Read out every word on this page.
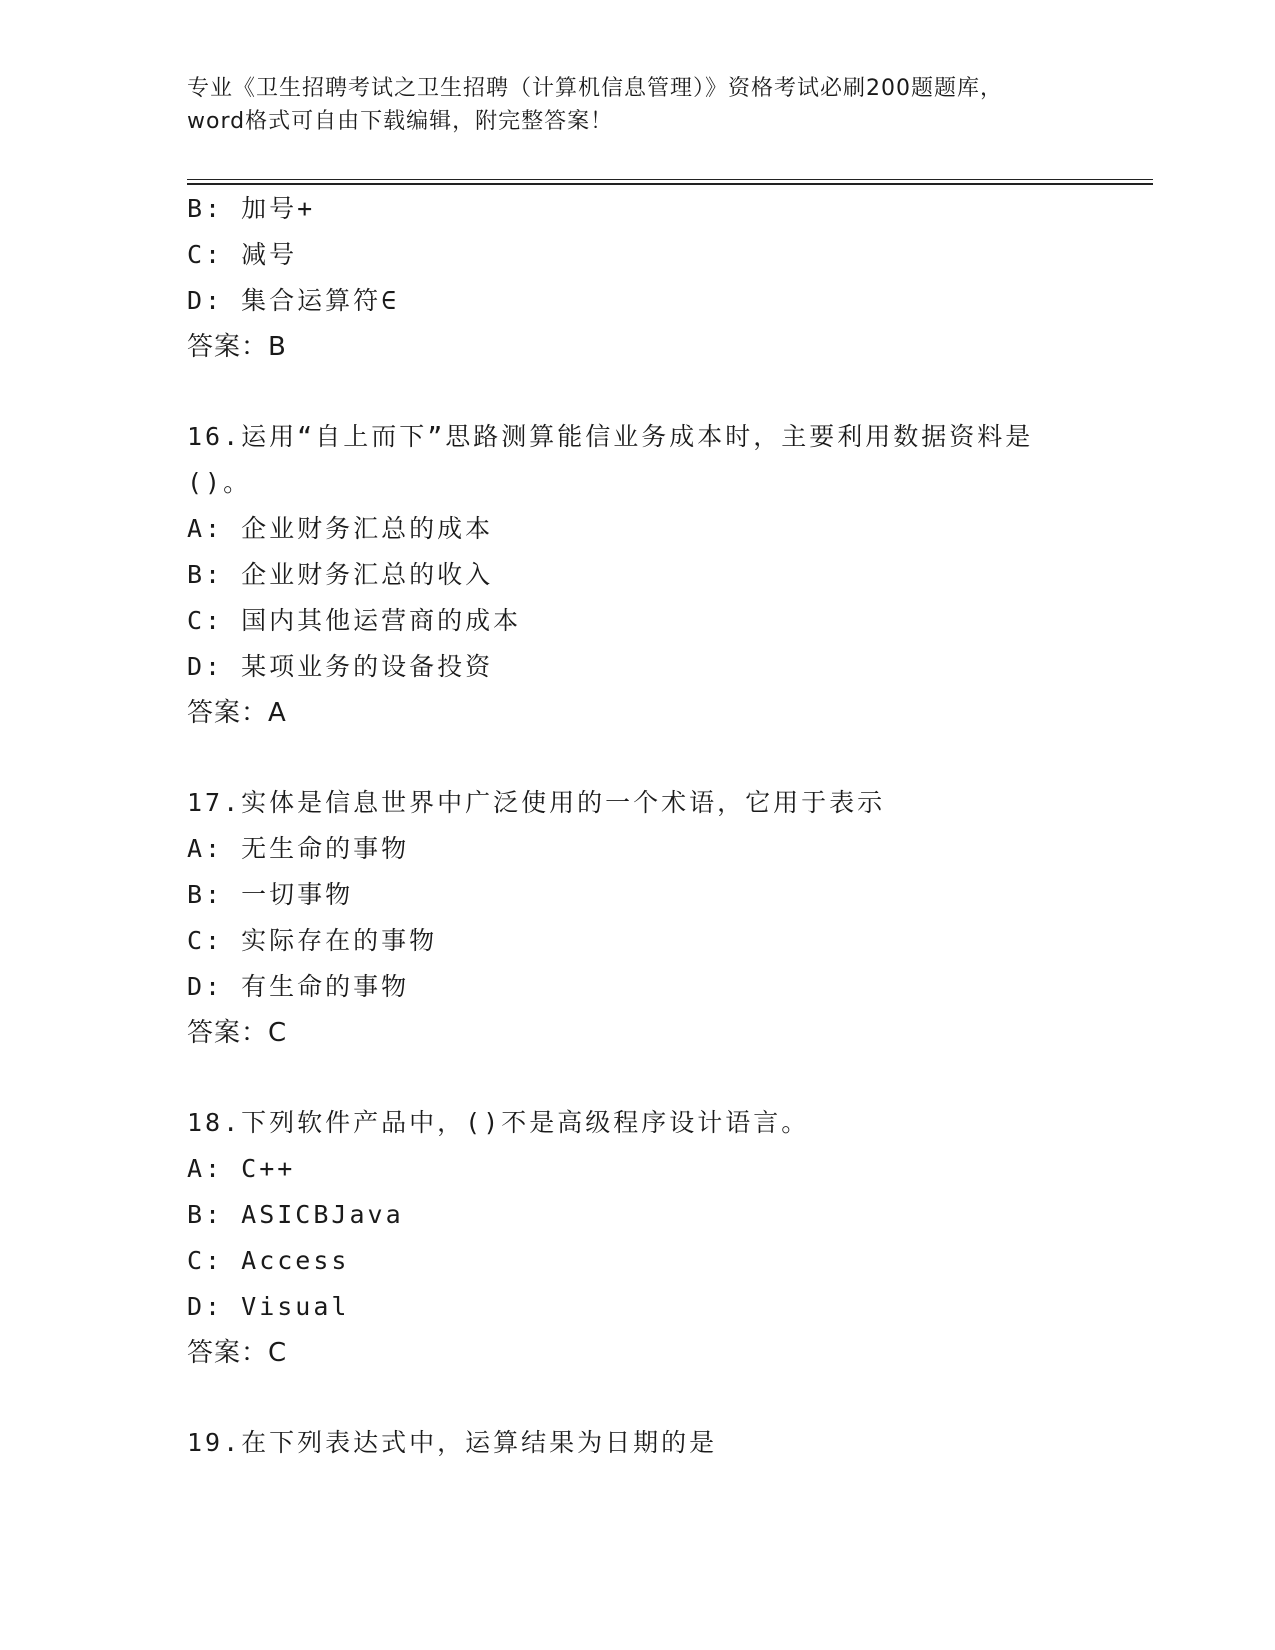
专业《卫生招聘考试之卫生招聘（计算机信息管理）》资格考试必刷200题题库，
word格式可自由下载编辑，附完整答案！
B: 加号+
C: 减号
D: 集合运算符∈
答案：B
16.运用“自上而下”思路测算能信业务成本时，主要利用数据资料是()。
A: 企业财务汇总的成本
B: 企业财务汇总的收入
C: 国内其他运营商的成本
D: 某项业务的设备投资
答案：A
17.实体是信息世界中广泛使用的一个术语，它用于表示
A: 无生命的事物
B: 一切事物
C: 实际存在的事物
D: 有生命的事物
答案：C
18.下列软件产品中，()不是高级程序设计语言。
A: C++
B: ASICBJava
C: Access
D: Visual
答案：C
19.在下列表达式中，运算结果为日期的是
